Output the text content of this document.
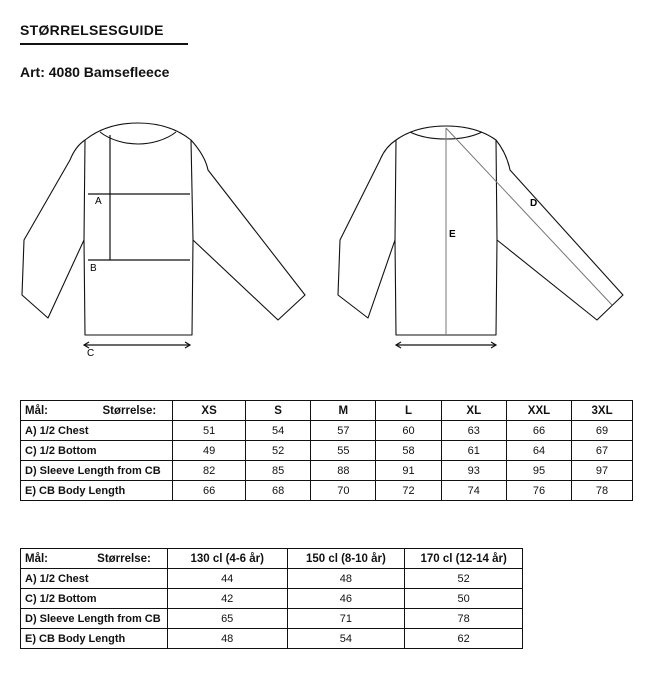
STØRRELSESGUIDE
Art: 4080 Bamsefleece
A
B
C
E
D
Mål: Størrelse:	XS	S	M	L	XL	XXL	3XL
A) 1/2 Chest	51	54	57	60	63	66	69
C) 1/2 Bottom	49	52	55	58	61	64	67
D) Sleeve Length from CB	82	85	88	91	93	95	97
E) CB Body Length	66	68	70	72	74	76	78
Mål: Størrelse:	130 cl (4-6 år)	150 cl (8-10 år)	170 cl (12-14 år)
A) 1/2 Chest	44	48	52
C) 1/2 Bottom	42	46	50
D) Sleeve Length from CB	65	71	78
E) CB Body Length	48	54	62
